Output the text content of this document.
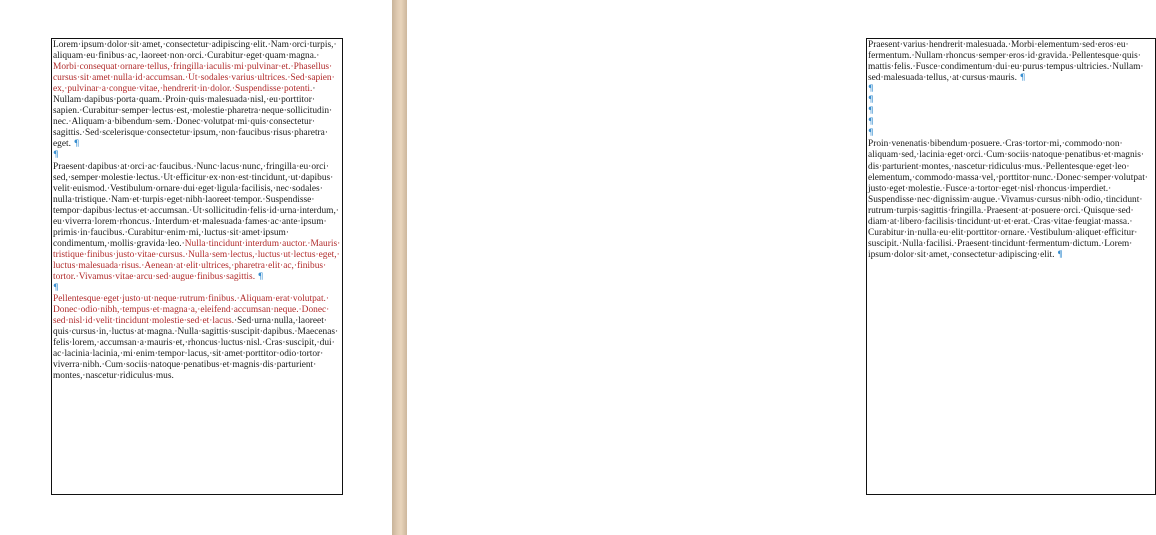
Lorem·ipsum·dolor·sit·amet,·consectetur·adipiscing·elit.·Nam·orci·turpis,·aliquam·eu·finibus·ac,·laoreet·non·orci.·Curabitur·eget·quam·magna.·Morbi·consequat·ornare·tellus,·fringilla·iaculis·mi·pulvinar·et.·Phasellus·cursus·sit·amet·nulla·id·accumsan.·Ut·sodales·varius·ultrices.·Sed·sapien·ex,·pulvinar·a·congue·vitae,·hendrerit·in·dolor.·Suspendisse·potenti.·Nullam·dapibus·porta·quam.·Proin·quis·malesuada·nisl,·eu·porttitor·sapien.·Curabitur·semper·lectus·est,·molestie·pharetra·neque·sollicitudin·nec.·Aliquam·a·bibendum·sem.·Donec·volutpat·mi·quis·consectetur·sagittis.·Sed·scelerisque·consectetur·ipsum,·non·faucibus·risus·pharetra·eget. ¶

¶

Praesent·dapibus·at·orci·ac·faucibus.·Nunc·lacus·nunc,·fringilla·eu·orci·sed,·semper·molestie·lectus.·Ut·efficitur·ex·non·est·tincidunt,·ut·dapibus·velit·euismod.·Vestibulum·ornare·dui·eget·ligula·facilisis,·nec·sodales·nulla·tristique.·Nam·et·turpis·eget·nibh·laoreet·tempor.·Suspendisse·tempor·dapibus·lectus·et·accumsan.·Ut·sollicitudin·felis·id·urna·interdum,·eu·viverra·lorem·rhoncus.·Interdum·et·malesuada·fames·ac·ante·ipsum·primis·in·faucibus.·Curabitur·enim·mi,·luctus·sit·amet·ipsum·condimentum,·mollis·gravida·leo.·Nulla·tincidunt·interdum·auctor.·Mauris·tristique·finibus·justo·vitae·cursus.·Nulla·sem·lectus,·luctus·ut·lectus·eget,·luctus·malesuada·risus.·Aenean·at·elit·ultrices,·pharetra·elit·ac,·finibus·tortor.·Vivamus·vitae·arcu·sed·augue·finibus·sagittis. ¶

¶

Pellentesque·eget·justo·ut·neque·rutrum·finibus.·Aliquam·erat·volutpat.·Donec·odio·nibh,·tempus·et·magna·a,·eleifend·accumsan·neque.·Donec·sed·nisl·id·velit·tincidunt·molestie·sed·et·lacus.·Sed·urna·nulla,·laoreet·quis·cursus·in,·luctus·at·magna.·Nulla·sagittis·suscipit·dapibus.·Maecenas·felis·lorem,·accumsan·a·mauris·et,·rhoncus·luctus·nisl.·Cras·suscipit,·dui·ac·lacinia·lacinia,·mi·enim·tempor·lacus,·sit·amet·porttitor·odio·tortor·viverra·nibh.·Cum·sociis·natoque·penatibus·et·magnis·dis·parturient·montes,·nascetur·ridiculus·mus.

Praesent·varius·hendrerit·malesuada.·Morbi·elementum·sed·eros·eu·fermentum.·Nullam·rhoncus·semper·eros·id·gravida.·Pellentesque·quis·mattis·felis.·Fusce·condimentum·dui·eu·purus·tempus·ultricies.·Nullam·sed·malesuada·tellus,·at·cursus·mauris. ¶

¶

¶

¶

¶

¶

Proin·venenatis·bibendum·posuere.·Cras·tortor·mi,·commodo·non·aliquam·sed,·lacinia·eget·orci.·Cum·sociis·natoque·penatibus·et·magnis·dis·parturient·montes,·nascetur·ridiculus·mus.·Pellentesque·eget·leo·elementum,·commodo·massa·vel,·porttitor·nunc.·Donec·semper·volutpat·justo·eget·molestie.·Fusce·a·tortor·eget·nisl·rhoncus·imperdiet.·Suspendisse·nec·dignissim·augue.·Vivamus·cursus·nibh·odio,·tincidunt·rutrum·turpis·sagittis·fringilla.·Praesent·at·posuere·orci.·Quisque·sed·diam·at·libero·facilisis·tincidunt·ut·et·erat.·Cras·vitae·feugiat·massa.·Curabitur·in·nulla·eu·elit·porttitor·ornare.·Vestibulum·aliquet·efficitur·suscipit.·Nulla·facilisi.·Praesent·tincidunt·fermentum·dictum.·Lorem·ipsum·dolor·sit·amet,·consectetur·adipiscing·elit. ¶
